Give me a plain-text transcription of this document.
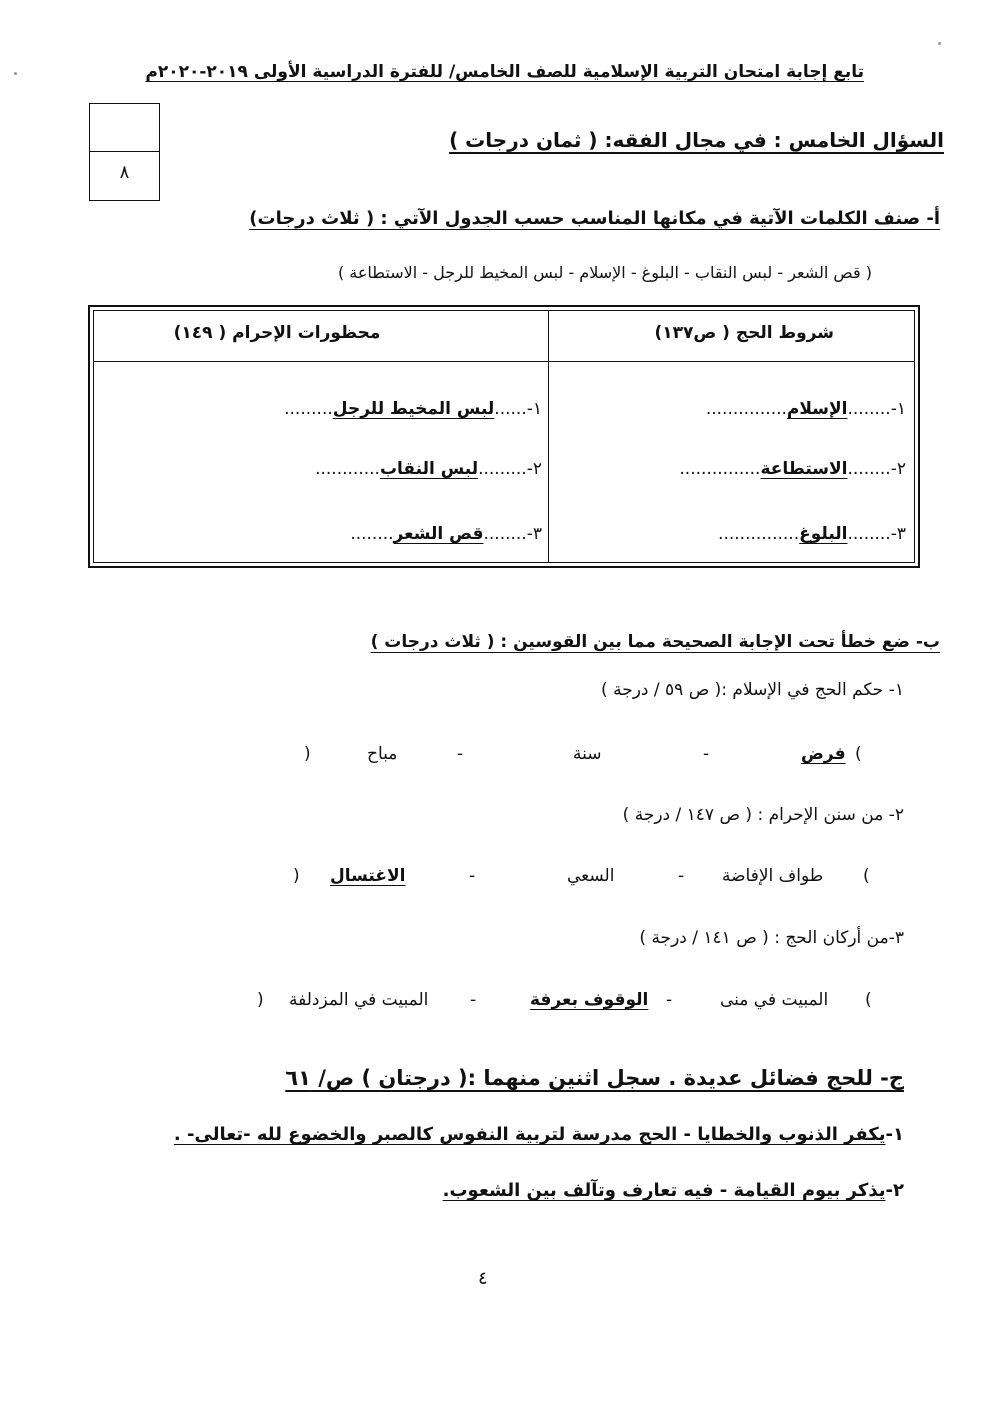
تابع إجابة امتحان التربية الإسلامية للصف الخامس/ للفترة الدراسية الأولى ٢٠١٩-٢٠٢٠م
٨
السؤال الخامس : في مجال الفقه: ( ثمان درجات )
أ- صنف الكلمات الآتية في مكانها المناسب حسب الجدول الآتي : ( ثلاث درجات)
( قص الشعر - لبس النقاب - البلوغ - الإسلام - لبس المخيط للرجل - الاستطاعة )
شروط الحج ( ص١٣٧)
محظورات الإحرام ( ١٤٩)
١-........الإسلام...............
٢-........الاستطاعة...............
٣-........البلوغ...............
١-......لبس المخيط للرجل.........
٢-.........لبس النقاب............
٣-........قص الشعر........
ب- ضع خطأ تحت الإجابة الصحيحة مما بين القوسين : ( ثلاث درجات )
١- حكم الحج في الإسلام :( ص ٥٩ / درجة )
(
فرض
-
سنة
-
مباح
)
٢- من سنن الإحرام : ( ص ١٤٧ / درجة )
(
طواف الإفاضة
-
السعي
-
الاغتسال
)
٣-من أركان الحج : ( ص ١٤١ / درجة )
(
المبيت في منى
-
الوقوف بعرفة
-
المبيت في المزدلفة
)
ج- للحج فضائل عديدة . سجل اثنين منهما :( درجتان ) ص/ ٦١
١-يكفر الذنوب والخطايا - الحج مدرسة لتربية النفوس كالصبر والخضوع لله -تعالى- .
٢-يذكر بيوم القيامة - فيه تعارف وتآلف بين الشعوب.
٤
